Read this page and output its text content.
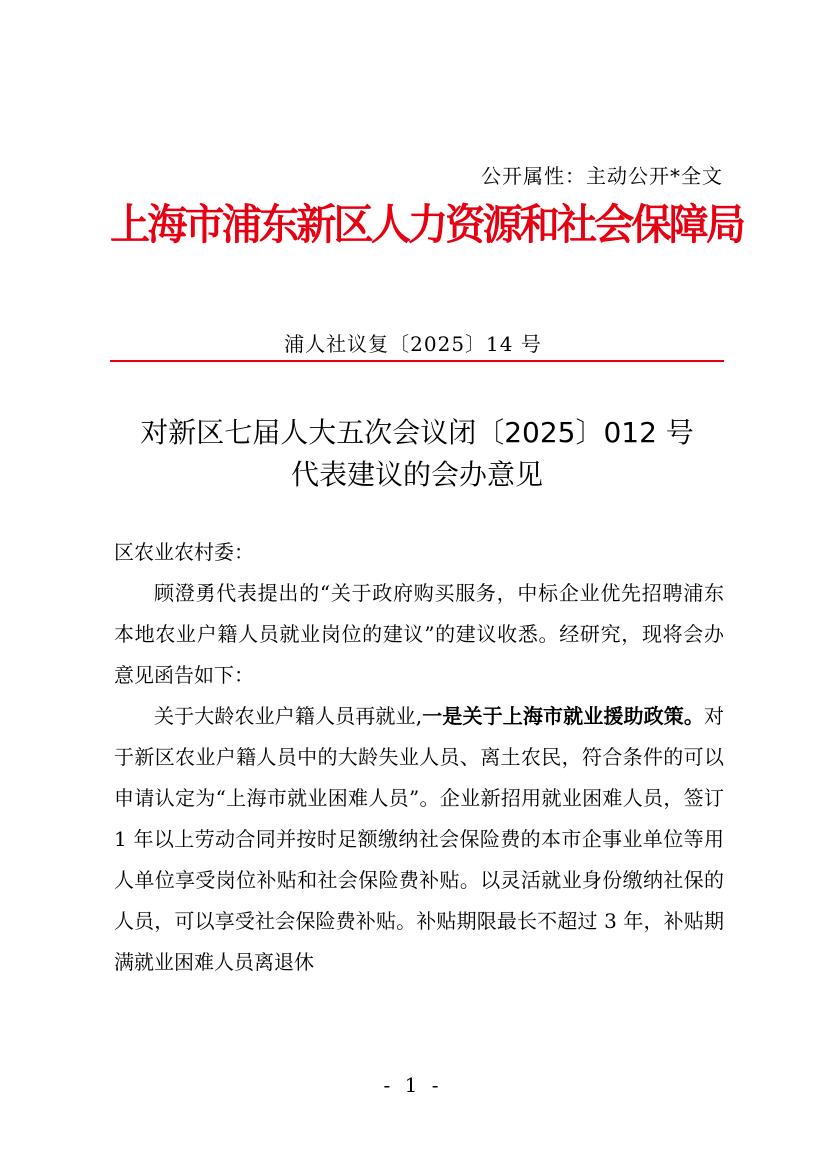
公开属性：主动公开*全文
上海市浦东新区人力资源和社会保障局
浦人社议复〔2025〕14 号
对新区七届人大五次会议闭〔2025〕012 号
代表建议的会办意见

区农业农村委：

顾澄勇代表提出的“关于政府购买服务，中标企业优先招聘浦东本地农业户籍人员就业岗位的建议”的建议收悉。经研究，现将会办意见函告如下：

关于大龄农业户籍人员再就业,一是关于上海市就业援助政策。对于新区农业户籍人员中的大龄失业人员、离土农民，符合条件的可以申请认定为“上海市就业困难人员”。企业新招用就业困难人员，签订 1 年以上劳动合同并按时足额缴纳社会保险费的本市企事业单位等用人单位享受岗位补贴和社会保险费补贴。以灵活就业身份缴纳社保的人员，可以享受社会保险费补贴。补贴期限最长不超过 3 年，补贴期满就业困难人员离退休

- 1 -
